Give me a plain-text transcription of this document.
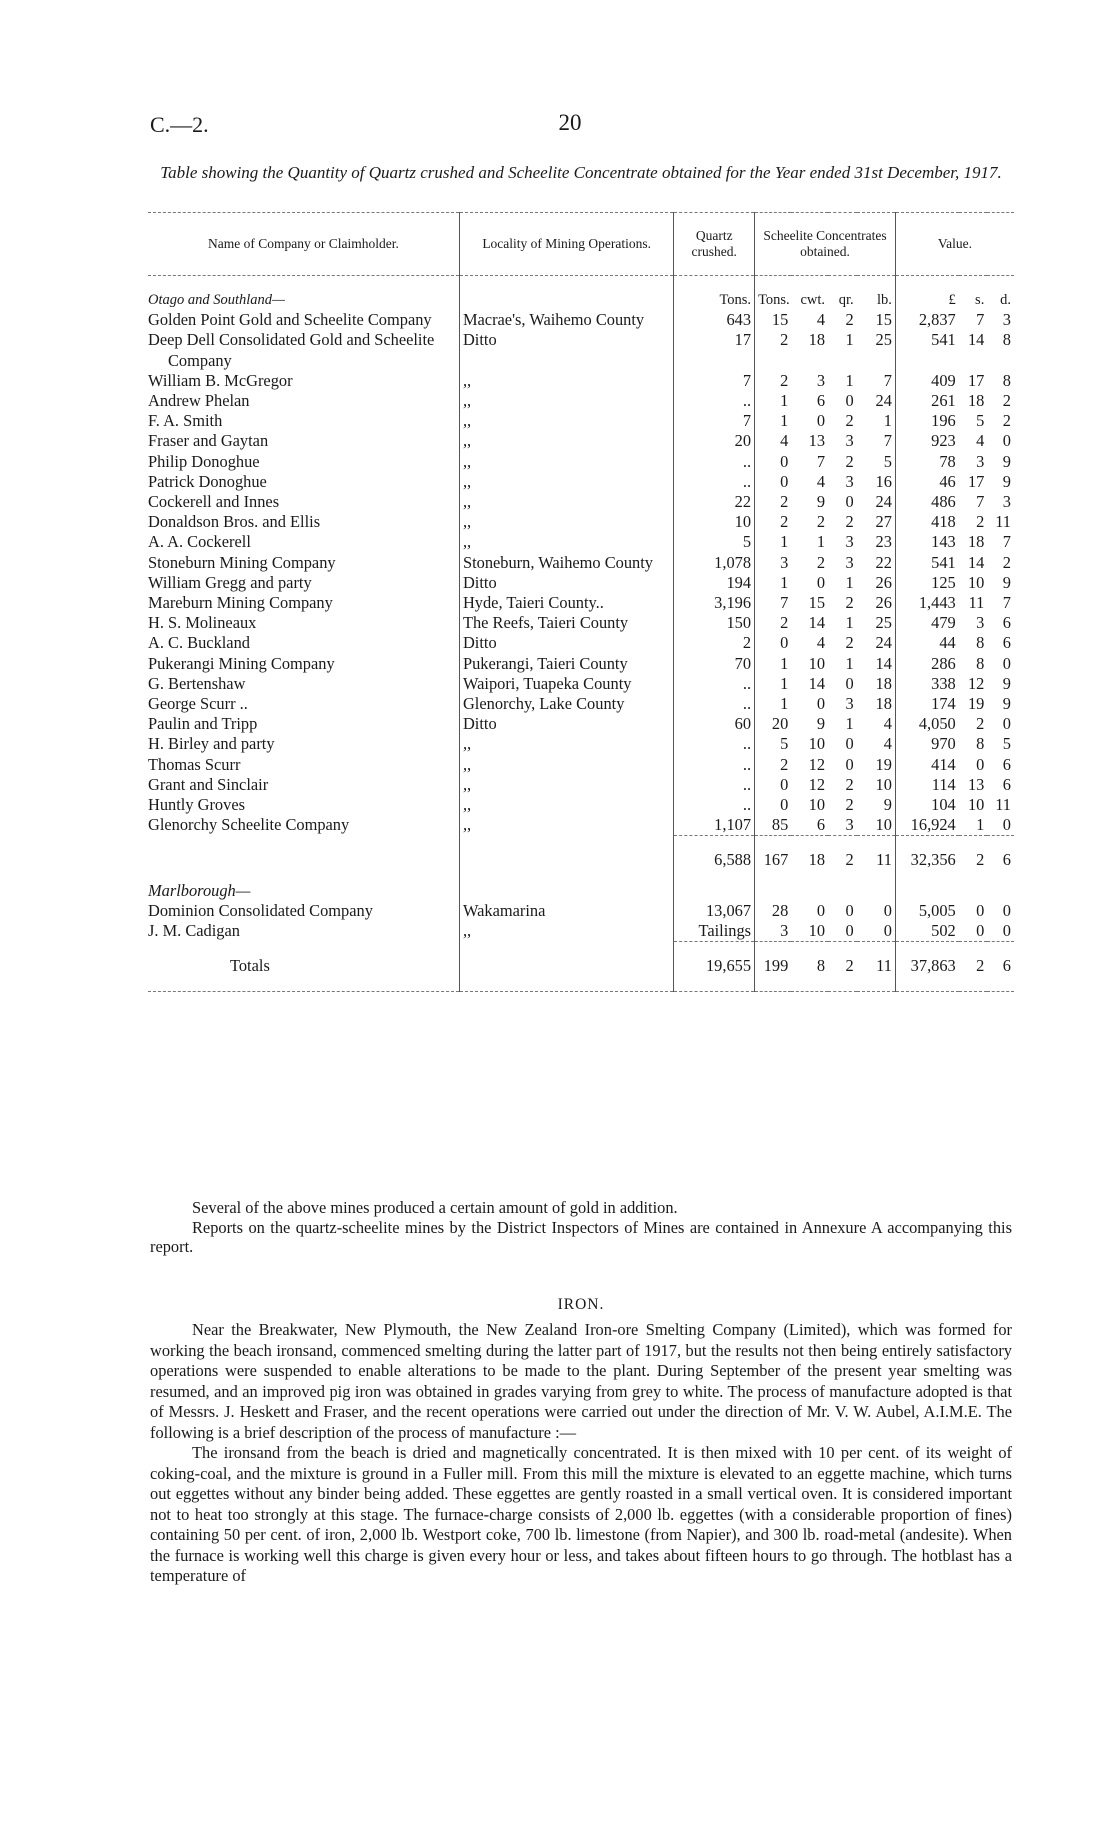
C.—2.	20
Table showing the Quantity of Quartz crushed and Scheelite Concentrate obtained for the Year ended 31st December, 1917.
Name of Company or Claimholder.	Locality of Mining Operations.	Quartz crushed.	Scheelite Concentrates obtained.				Value.		
Otago and Southland—		Tons.	Tons.	cwt.	qr.	lb.	£	s.	d.
Golden Point Gold and Scheelite Company	Macrae's, Waihemo County	643	15	4	2	15	2,837	7	3
Deep Dell Consolidated Gold and Scheelite Company	Ditto	17	2	18	1	25	541	14	8
William B. McGregor	,,	7	2	3	1	7	409	17	8
Andrew Phelan	,,	..	1	6	0	24	261	18	2
F. A. Smith	,,	7	1	0	2	1	196	5	2
Fraser and Gaytan	,,	20	4	13	3	7	923	4	0
Philip Donoghue	,,	..	0	7	2	5	78	3	9
Patrick Donoghue	,,	..	0	4	3	16	46	17	9
Cockerell and Innes	,,	22	2	9	0	24	486	7	3
Donaldson Bros. and Ellis	,,	10	2	2	2	27	418	2	11
A. A. Cockerell	,,	5	1	1	3	23	143	18	7
Stoneburn Mining Company	Stoneburn, Waihemo County	1,078	3	2	3	22	541	14	2
William Gregg and party	Ditto	194	1	0	1	26	125	10	9
Mareburn Mining Company	Hyde, Taieri County..	3,196	7	15	2	26	1,443	11	7
H. S. Molineaux	The Reefs, Taieri County	150	2	14	1	25	479	3	6
A. C. Buckland	Ditto	2	0	4	2	24	44	8	6
Pukerangi Mining Company	Pukerangi, Taieri County	70	1	10	1	14	286	8	0
G. Bertenshaw	Waipori, Tuapeka County	..	1	14	0	18	338	12	9
George Scurr ..	Glenorchy, Lake County	..	1	0	3	18	174	19	9
Paulin and Tripp	Ditto	60	20	9	1	4	4,050	2	0
H. Birley and party	,,	..	5	10	0	4	970	8	5
Thomas Scurr	,,	..	2	12	0	19	414	0	6
Grant and Sinclair	,,	..	0	12	2	10	114	13	6
Huntly Groves	,,	..	0	10	2	9	104	10	11
Glenorchy Scheelite Company	,,	1,107	85	6	3	10	16,924	1	0
		6,588	167	18	2	11	32,356	2	6
Marlborough—									
Dominion Consolidated Company	Wakamarina	13,067	28	0	0	0	5,005	0	0
J. M. Cadigan	,,	Tailings	3	10	0	0	502	0	0
Totals		19,655	199	8	2	11	37,863	2	6

Several of the above mines produced a certain amount of gold in addition.

Reports on the quartz-scheelite mines by the District Inspectors of Mines are contained in Annexure A accompanying this report.

IRON.

Near the Breakwater, New Plymouth, the New Zealand Iron-ore Smelting Company (Limited), which was formed for working the beach ironsand, commenced smelting during the latter part of 1917, but the results not then being entirely satisfactory operations were suspended to enable alterations to be made to the plant. During September of the present year smelting was resumed, and an improved pig iron was obtained in grades varying from grey to white. The process of manufacture adopted is that of Messrs. J. Heskett and Fraser, and the recent operations were carried out under the direction of Mr. V. W. Aubel, A.I.M.E. The following is a brief description of the process of manufacture :—

The ironsand from the beach is dried and magnetically concentrated. It is then mixed with 10 per cent. of its weight of coking-coal, and the mixture is ground in a Fuller mill. From this mill the mixture is elevated to an eggette machine, which turns out eggettes without any binder being added. These eggettes are gently roasted in a small vertical oven. It is considered important not to heat too strongly at this stage. The furnace-charge consists of 2,000 lb. eggettes (with a considerable proportion of fines) containing 50 per cent. of iron, 2,000 lb. Westport coke, 700 lb. limestone (from Napier), and 300 lb. road-metal (andesite). When the furnace is working well this charge is given every hour or less, and takes about fifteen hours to go through. The hotblast has a temperature of
